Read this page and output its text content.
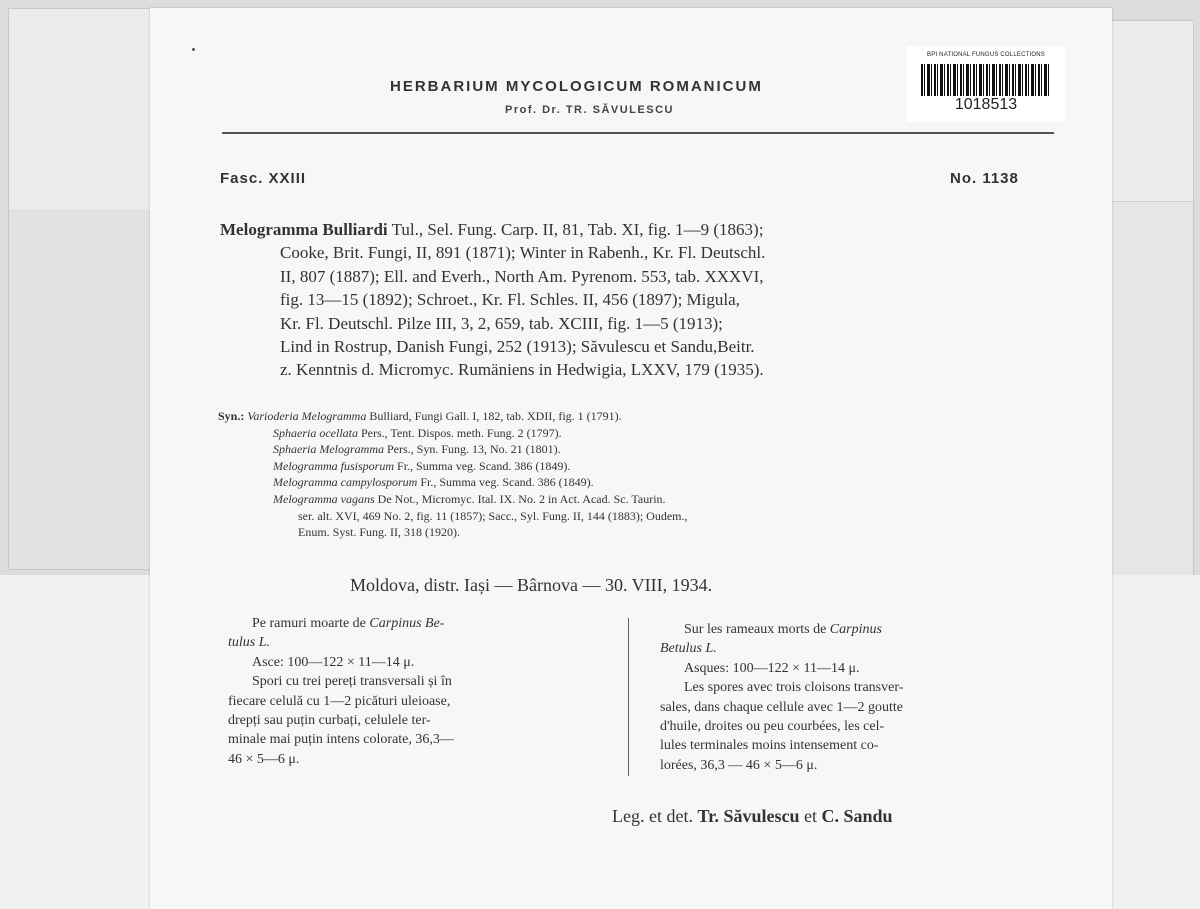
HERBARIUM MYCOLOGICUM ROMANICUM
Prof. Dr. TR. SĂVULESCU
BPI NATIONAL FUNGUS COLLECTIONS
1018513
Fasc. XXIII	No. 1138
Melogramma Bulliardi Tul., Sel. Fung. Carp. II, 81, Tab. XI, fig. 1—9 (1863);
Cooke, Brit. Fungi, II, 891 (1871); Winter in Rabenh., Kr. Fl. Deutschl.
II, 807 (1887); Ell. and Everh., North Am. Pyrenom. 553, tab. XXXVI,
fig. 13—15 (1892); Schroet., Kr. Fl. Schles. II, 456 (1897); Migula,
Kr. Fl. Deutschl. Pilze III, 3, 2, 659, tab. XCIII, fig. 1—5 (1913);
Lind in Rostrup, Danish Fungi, 252 (1913); Săvulescu et Sandu,Beitr.
z. Kenntnis d. Micromyc. Rumäniens in Hedwigia, LXXV, 179 (1935).
Syn.: Varioderia Melogramma Bulliard, Fungi Gall. I, 182, tab. XDII, fig. 1 (1791).
Sphaeria ocellata Pers., Tent. Dispos. meth. Fung. 2 (1797).
Sphaeria Melogramma Pers., Syn. Fung. 13, No. 21 (1801).
Melogramma fusisporum Fr., Summa veg. Scand. 386 (1849).
Melogramma campylosporum Fr., Summa veg. Scand. 386 (1849).
Melogramma vagans De Not., Micromyc. Ital. IX. No. 2 in Act. Acad. Sc. Taurin.
ser. alt. XVI, 469 No. 2, fig. 11 (1857); Sacc., Syl. Fung. II, 144 (1883); Oudem.,
Enum. Syst. Fung. II, 318 (1920).
Moldova, distr. Iași — Bârnova — 30. VIII, 1934.
Pe ramuri moarte de Carpinus Be-
tulus L.
Asce: 100—122 × 11—14 μ.
Spori cu trei pereți transversali și în
fiecare celulă cu 1—2 picături uleioase,
drepți sau puțin curbați, celulele ter-
minale mai puțin intens colorate, 36,3—
46 × 5—6 μ.
Sur les rameaux morts de Carpinus
Betulus L.
Asques: 100—122 × 11—14 μ.
Les spores avec trois cloisons transver-
sales, dans chaque cellule avec 1—2 goutte
d'huile, droites ou peu courbées, les cel-
lules terminales moins intensement co-
lorées, 36,3 — 46 × 5—6 μ.
Leg. et det. Tr. Săvulescu et C. Sandu
